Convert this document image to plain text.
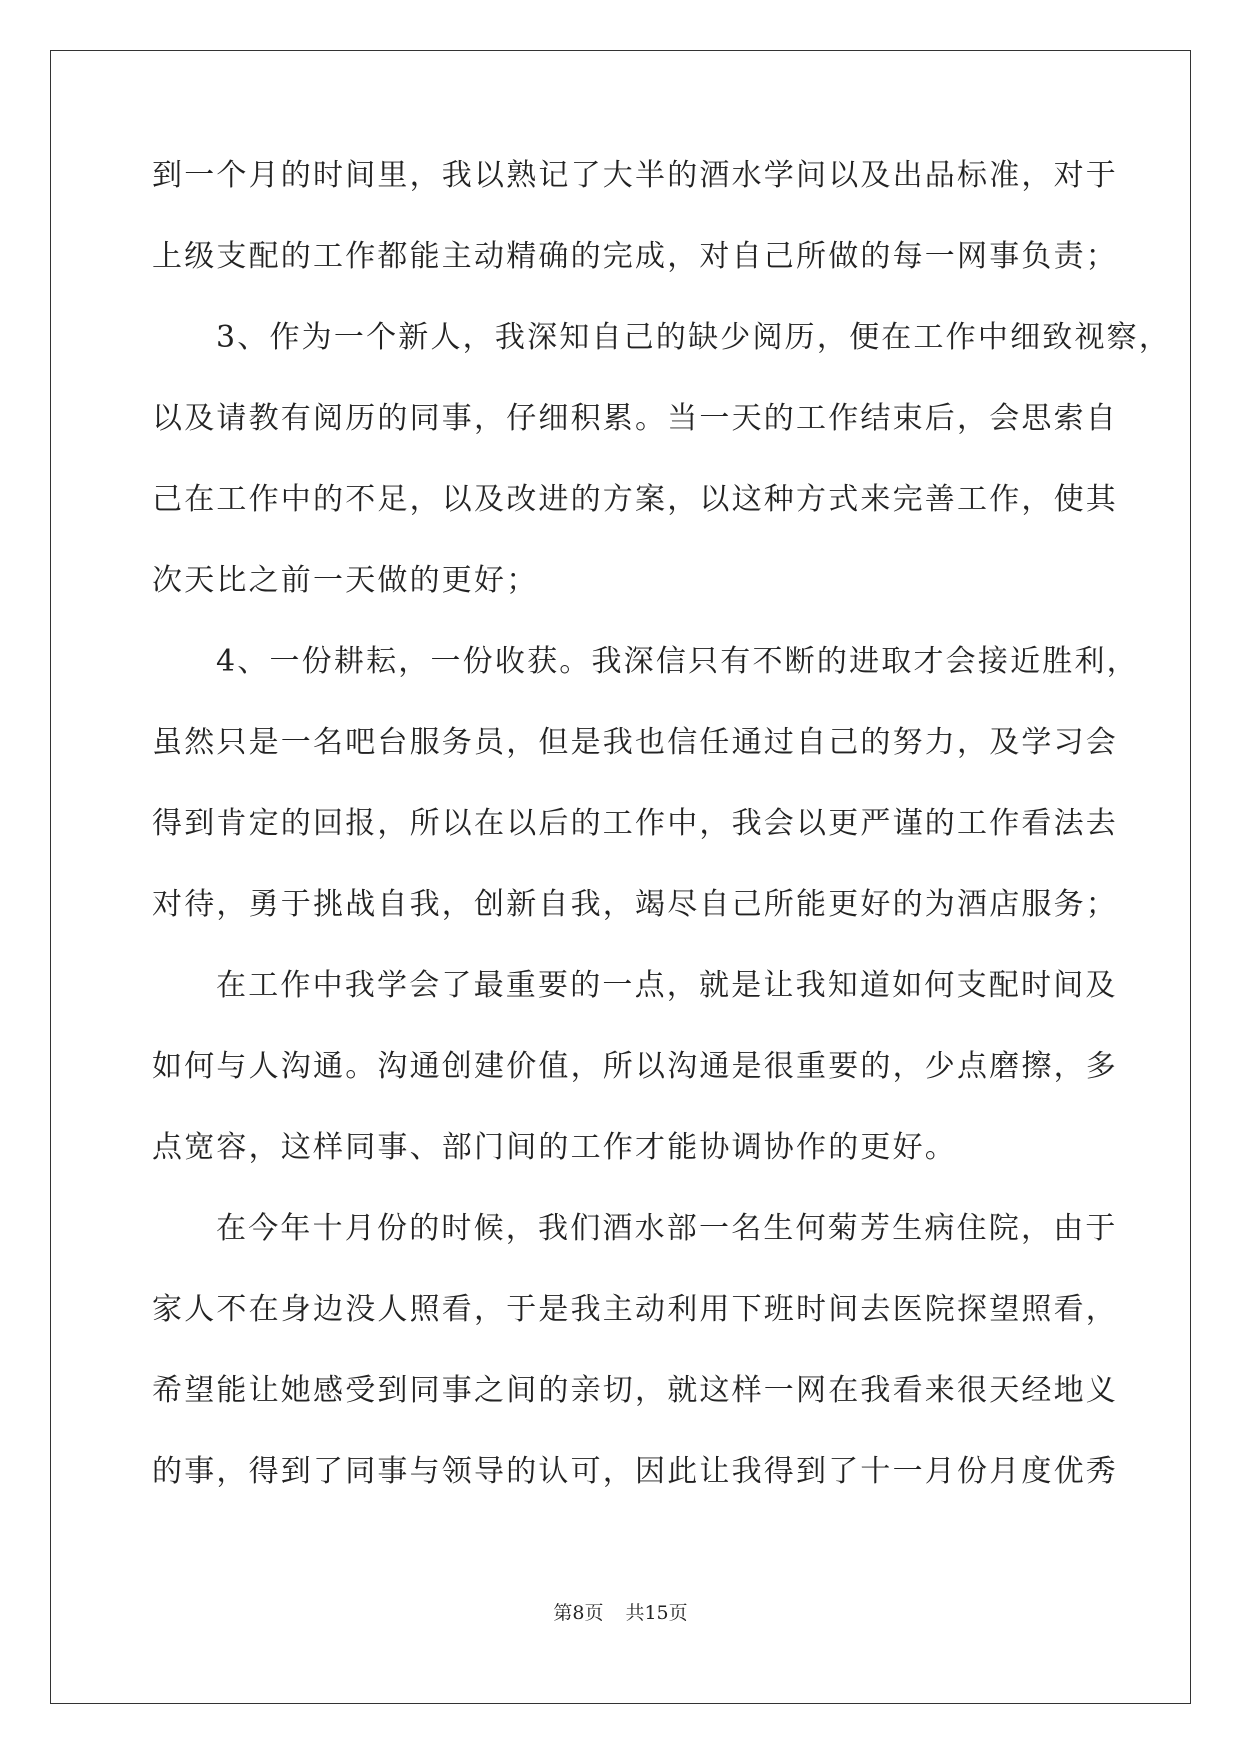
到一个月的时间里，我以熟记了大半的酒水学问以及出品标准，对于
上级支配的工作都能主动精确的完成，对自己所做的每一网事负责；
3、作为一个新人，我深知自己的缺少阅历，便在工作中细致视察，
以及请教有阅历的同事，仔细积累。当一天的工作结束后，会思索自
己在工作中的不足，以及改进的方案，以这种方式来完善工作，使其
次天比之前一天做的更好；
4、一份耕耘，一份收获。我深信只有不断的进取才会接近胜利，
虽然只是一名吧台服务员，但是我也信任通过自己的努力，及学习会
得到肯定的回报，所以在以后的工作中，我会以更严谨的工作看法去
对待，勇于挑战自我，创新自我，竭尽自己所能更好的为酒店服务；
在工作中我学会了最重要的一点，就是让我知道如何支配时间及
如何与人沟通。沟通创建价值，所以沟通是很重要的，少点磨擦，多
点宽容，这样同事、部门间的工作才能协调协作的更好。
在今年十月份的时候，我们酒水部一名生何菊芳生病住院，由于
家人不在身边没人照看，于是我主动利用下班时间去医院探望照看，
希望能让她感受到同事之间的亲切，就这样一网在我看来很天经地义
的事，得到了同事与领导的认可，因此让我得到了十一月份月度优秀
第8页 共15页
